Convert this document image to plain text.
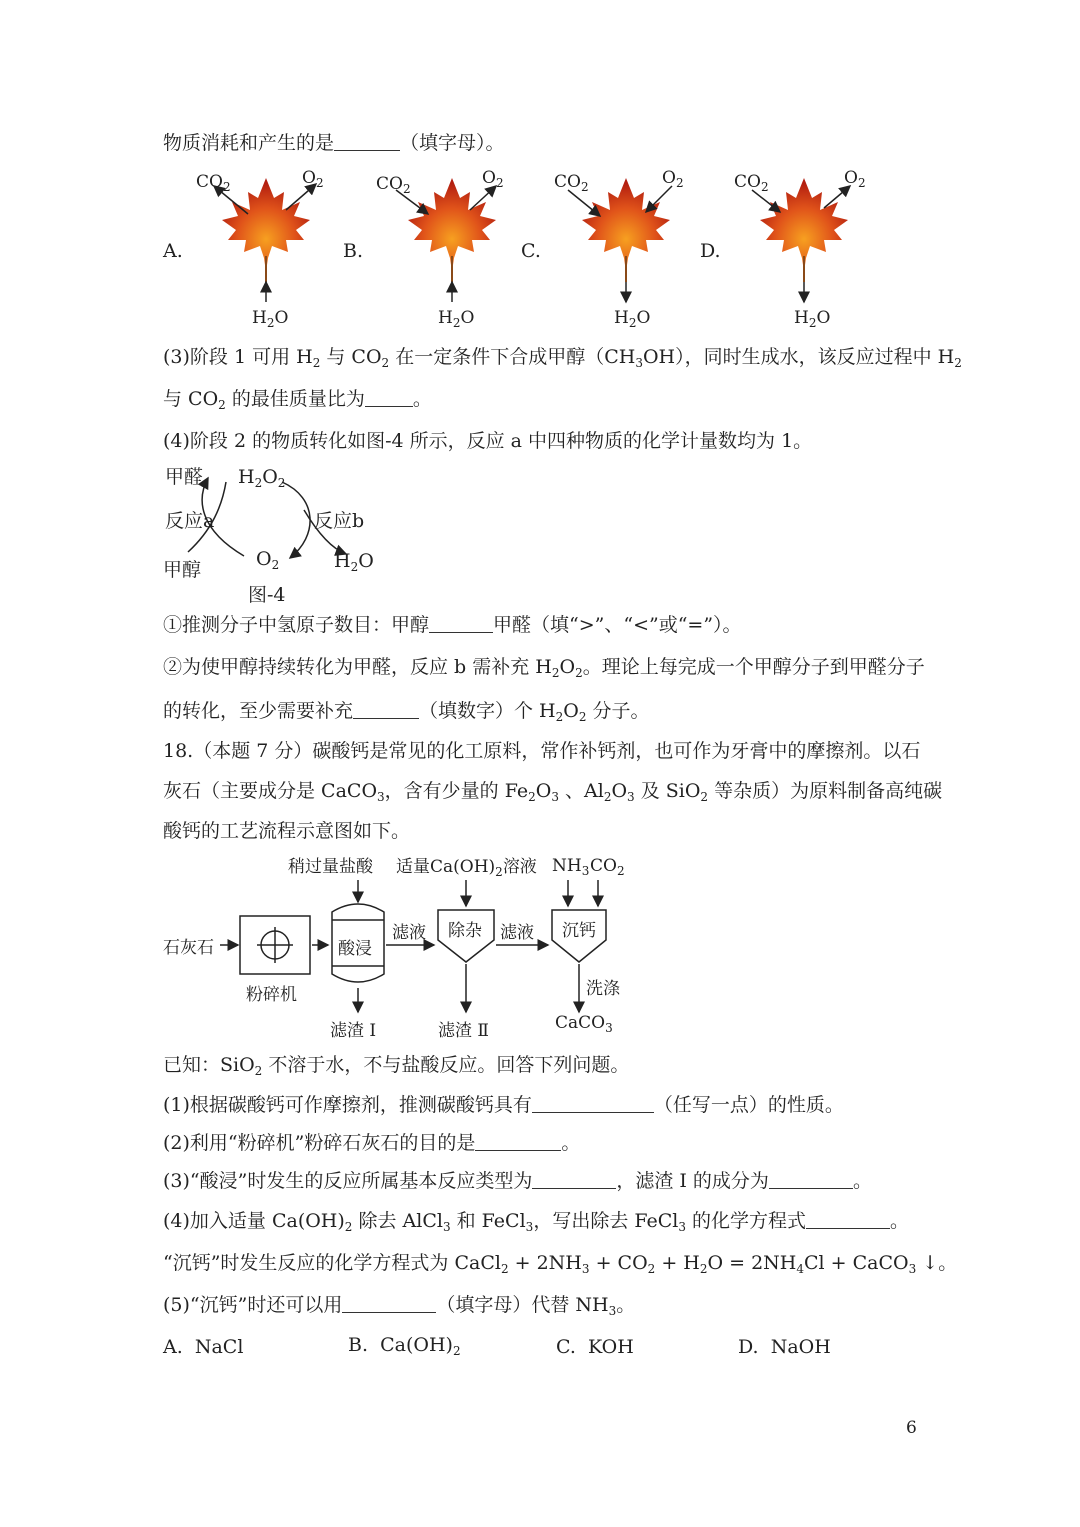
物质消耗和产生的是	（填字母）。
A.
$CO_2$	$O_2$
$H_2O$
B.
$CO_2$
$O_2$
$H_2O$
C.
$CO_2$	$O_2$
$H_2O$
D.
$CO_2$	$O_2$
$H_2O$
(3)阶段 1 可用 $H_2$ 与 $CO_2$ 在一定条件下合成甲醇$(CH_3OH)$，同时生成水，该反应过程中 $H_2$
与 $CO_2$ 的最佳质量比为	。
(4)阶段 2 的物质转化如图-4 所示，反应 a 中四种物质的化学计量数均为 1。
甲醛 $H_2O_2$
反应a	反应b
甲醇	$O_2$	$H_2O$
图-4
①推测分子中氢原子数目：甲醇	甲醛（填“>”、“<”或“=”）。
②为使甲醇持续转化为甲醛，反应 b 需补充 $H_2O_2$。理论上每完成一个甲醇分子到甲醛分子
的转化，至少需要补充	（填数字）个 $H_2O_2$ 分子。
18.（本题 7 分）碳酸钙是常见的化工原料，常作补钙剂，也可作为牙膏中的摩擦剂。以石
灰石（主要成分是 CaCO$_3$，含有少量的 $Fe_2O_3$ 、$Al_2O_3$ 及 SiO$_2$ 等杂质）为原料制备高纯碳
酸钙的工艺流程示意图如下。
稍过量盐酸 适量$Ca(OH)_2$溶液 $NH_3$ $CO_2$
石灰石
粉碎机
酸浸
滤液 除杂 滤液 沉钙
滤渣 Ⅰ	滤渣 Ⅱ
洗涤
CaCO$_3$
已知：SiO$_2$ 不溶于水，不与盐酸反应。回答下列问题。
(1)根据碳酸钙可作摩擦剂，推测碳酸钙具有	（任写一点）的性质。
(2)利用“粉碎机”粉碎石灰石的目的是	。
(3)“酸浸”时发生的反应所属基本反应类型为	，滤渣 Ⅰ 的成分为	。
(4)加入适量 $Ca(OH)_2$ 除去 AlCl$_3$ 和 FeCl$_3$，写出除去 FeCl$_3$ 的化学方程式	。
“沉钙”时发生反应的化学方程式为 CaCl$_2$ + $2NH_3 + CO_2 + H_2O = 2NH_4Cl$ + CaCO$_3$ ↓。
(5)“沉钙”时还可以用	（填字母）代替 $NH_3$。
A. NaCl	B. $Ca(OH)_2$	C. KOH	D. NaOH
6
